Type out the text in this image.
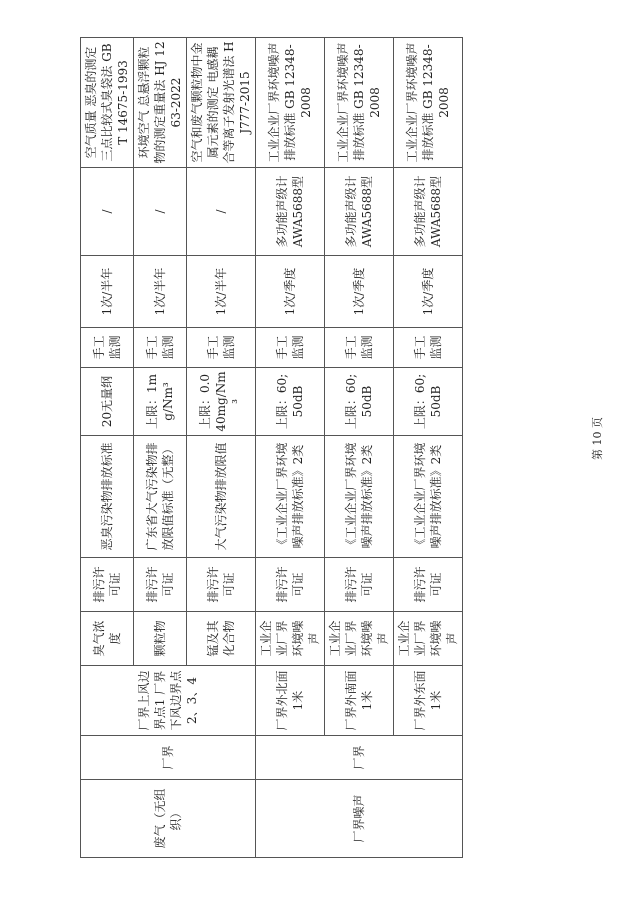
废气（无组织）	厂界	厂界上风边界点1 厂界下风边界点2、3、4	臭气浓度	排污许可证	恶臭污染物排放标准	20无量纲	手工监测	1次/半年	/	空气质量 恶臭的测定 三点比较式臭袋法 GB T 14675-1993
			颗粒物	排污许可证	广东省大气污染物排放限值标准（无整）	上限：1mg/Nm³	手工监测	1次/半年	/	环境空气 总悬浮颗粒物的测定重量法 HJ 1263-2022
			锰及其化合物	排污许可证	大气污染物排放限值	上限：0.040mg/Nm³	手工监测	1次/半年	/	空气和废气颗粒物中金属元素的测定 电感耦合等离子发射光谱法 HJ777-2015
厂界噪声	厂界	厂界外北面1米	工业企业厂界环境噪声	排污许可证	《工业企业厂界环境噪声排放标准》2类	上限：60;50dB	手工监测	1次/季度	多功能声级计 AWA5688型	工业企业厂界环境噪声排放标准 GB 12348-2008
		厂界外南面1米	工业企业厂界环境噪声	排污许可证	《工业企业厂界环境噪声排放标准》2类	上限：60;50dB	手工监测	1次/季度	多功能声级计 AWA5688型	工业企业厂界环境噪声排放标准 GB 12348-2008
		厂界外东面1米	工业企业厂界环境噪声	排污许可证	《工业企业厂界环境噪声排放标准》2类	上限：60;50dB	手工监测	1次/季度	多功能声级计 AWA5688型	工业企业厂界环境噪声排放标准 GB 12348-2008
第 10 页
